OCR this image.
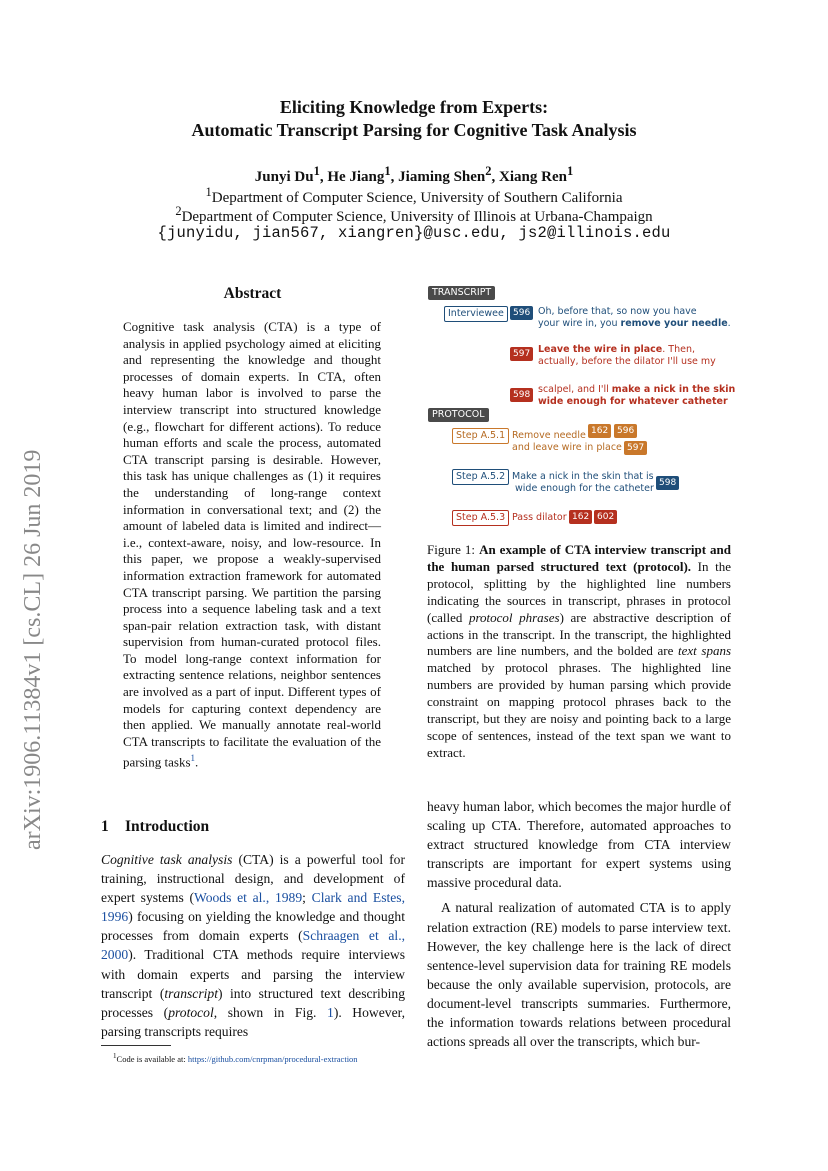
arXiv:1906.11384v1 [cs.CL] 26 Jun 2019
Eliciting Knowledge from Experts:
Automatic Transcript Parsing for Cognitive Task Analysis
Junyi Du$^1$, He Jiang$^1$, Jiaming Shen$^2$, Xiang Ren$^1$
$^1$Department of Computer Science, University of Southern California
$^2$Department of Computer Science, University of Illinois at Urbana-Champaign
{junyidu, jian567, xiangren}@usc.edu, js2@illinois.edu
Abstract
Cognitive task analysis (CTA) is a type of analysis in applied psychology aimed at eliciting and representing the knowledge and thought processes of domain experts. In CTA, often heavy human labor is involved to parse the interview transcript into structured knowledge (e.g., flowchart for different actions). To reduce human efforts and scale the process, automated CTA transcript parsing is desirable. However, this task has unique challenges as (1) it requires the understanding of long-range context information in conversational text; and (2) the amount of labeled data is limited and indirect—i.e., context-aware, noisy, and low-resource. In this paper, we propose a weakly-supervised information extraction framework for automated CTA transcript parsing. We partition the parsing process into a sequence labeling task and a text span-pair relation extraction task, with distant supervision from human-curated protocol files. To model long-range context information for extracting sentence relations, neighbor sentences are involved as a part of input. Different types of models for capturing context dependency are then applied. We manually annotate real-world CTA transcripts to facilitate the evaluation of the parsing tasks$^1$.
TRANSCRIPT
Interviewee	596 Oh, before that, so now you have
your wire in, you remove your needle.
597 Leave the wire in place. Then,
actually, before the dilator I'll use my
598 scalpel, and I'll make a nick in the skin
wide enough for whatever catheter
PROTOCOL
Step A.5.1 Remove needle
and leave wire in place
162 596
597
Step A.5.2 Make a nick in the skin that is
wide enough for the catheter 598
Step A.5.3 Pass dilator 162 602
Figure 1: An example of CTA interview transcript and the human parsed structured text (protocol). In the protocol, splitting by the highlighted line numbers indicating the sources in transcript, phrases in protocol (called protocol phrases) are abstractive description of actions in the transcript. In the transcript, the highlighted numbers are line numbers, and the bolded are text spans matched by protocol phrases. The highlighted line numbers are provided by human parsing which provide constraint on mapping protocol phrases back to the transcript, but they are noisy and pointing back to a large scope of sentences, instead of the text span we want to extract.
1 Introduction

Cognitive task analysis (CTA) is a powerful tool for training, instructional design, and development of expert systems (Woods et al., 1989; Clark and Estes, 1996) focusing on yielding the knowledge and thought processes from domain experts (Schraagen et al., 2000). Traditional CTA methods require interviews with domain experts and parsing the interview transcript (transcript) into structured text describing processes (protocol, shown in Fig. 1). However, parsing transcripts requires

heavy human labor, which becomes the major hurdle of scaling up CTA. Therefore, automated approaches to extract structured knowledge from CTA interview transcripts are important for expert systems using massive procedural data.

A natural realization of automated CTA is to apply relation extraction (RE) models to parse interview text. However, the key challenge here is the lack of direct sentence-level supervision data for training RE models because the only available supervision, protocols, are document-level transcripts summaries. Furthermore, the information towards relations between procedural actions spreads all over the transcripts, which bur-

$^1$Code is available at: https://github.com/cnrpman/procedural-extraction
